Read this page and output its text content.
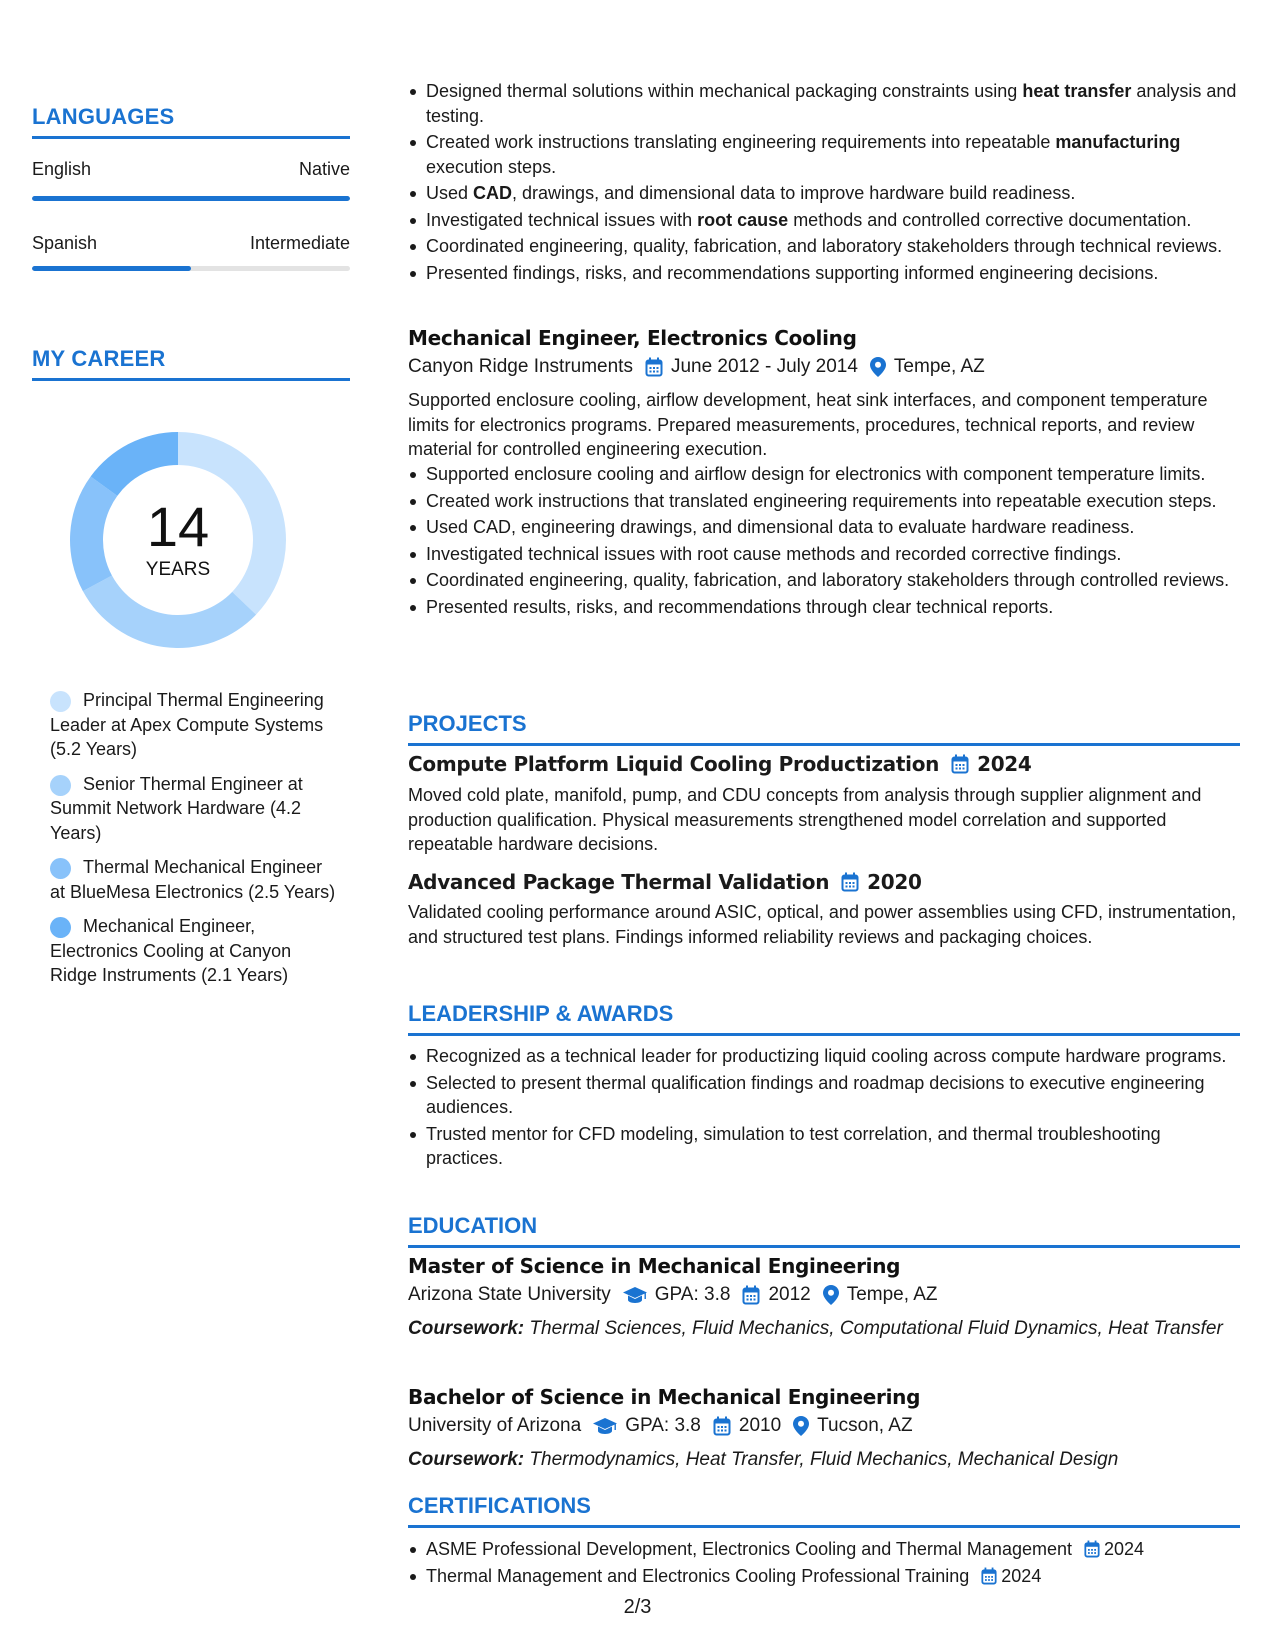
LANGUAGES
English	Native
Spanish	Intermediate
MY CAREER
14
YEARS
Principal Thermal Engineering Leader at Apex Compute Systems (5.2 Years)
Senior Thermal Engineer at Summit Network Hardware (4.2 Years)
Thermal Mechanical Engineer at BlueMesa Electronics (2.5 Years)
Mechanical Engineer, Electronics Cooling at Canyon Ridge Instruments (2.1 Years)
Designed thermal solutions within mechanical packaging constraints using heat transfer analysis and testing.
Created work instructions translating engineering requirements into repeatable manufacturing execution steps.
Used CAD, drawings, and dimensional data to improve hardware build readiness.
Investigated technical issues with root cause methods and controlled corrective documentation.
Coordinated engineering, quality, fabrication, and laboratory stakeholders through technical reviews.
Presented findings, risks, and recommendations supporting informed engineering decisions.
Mechanical Engineer, Electronics Cooling
Canyon Ridge Instruments June 2012 - July 2014 Tempe, AZ
Supported enclosure cooling, airflow development, heat sink interfaces, and component temperature limits for electronics programs. Prepared measurements, procedures, technical reports, and review material for controlled engineering execution.
Supported enclosure cooling and airflow design for electronics with component temperature limits.
Created work instructions that translated engineering requirements into repeatable execution steps.
Used CAD, engineering drawings, and dimensional data to evaluate hardware readiness.
Investigated technical issues with root cause methods and recorded corrective findings.
Coordinated engineering, quality, fabrication, and laboratory stakeholders through controlled reviews.
Presented results, risks, and recommendations through clear technical reports.
PROJECTS
Compute Platform Liquid Cooling Productization 2024
Moved cold plate, manifold, pump, and CDU concepts from analysis through supplier alignment and production qualification. Physical measurements strengthened model correlation and supported repeatable hardware decisions.
Advanced Package Thermal Validation 2020
Validated cooling performance around ASIC, optical, and power assemblies using CFD, instrumentation, and structured test plans. Findings informed reliability reviews and packaging choices.
LEADERSHIP & AWARDS
Recognized as a technical leader for productizing liquid cooling across compute hardware programs.
Selected to present thermal qualification findings and roadmap decisions to executive engineering audiences.
Trusted mentor for CFD modeling, simulation to test correlation, and thermal troubleshooting practices.
EDUCATION
Master of Science in Mechanical Engineering
Arizona State University GPA: 3.8 2012 Tempe, AZ
Coursework: Thermal Sciences, Fluid Mechanics, Computational Fluid Dynamics, Heat Transfer
Bachelor of Science in Mechanical Engineering
University of Arizona GPA: 3.8 2010 Tucson, AZ
Coursework: Thermodynamics, Heat Transfer, Fluid Mechanics, Mechanical Design
CERTIFICATIONS
ASME Professional Development, Electronics Cooling and Thermal Management 2024
Thermal Management and Electronics Cooling Professional Training 2024
2/3
